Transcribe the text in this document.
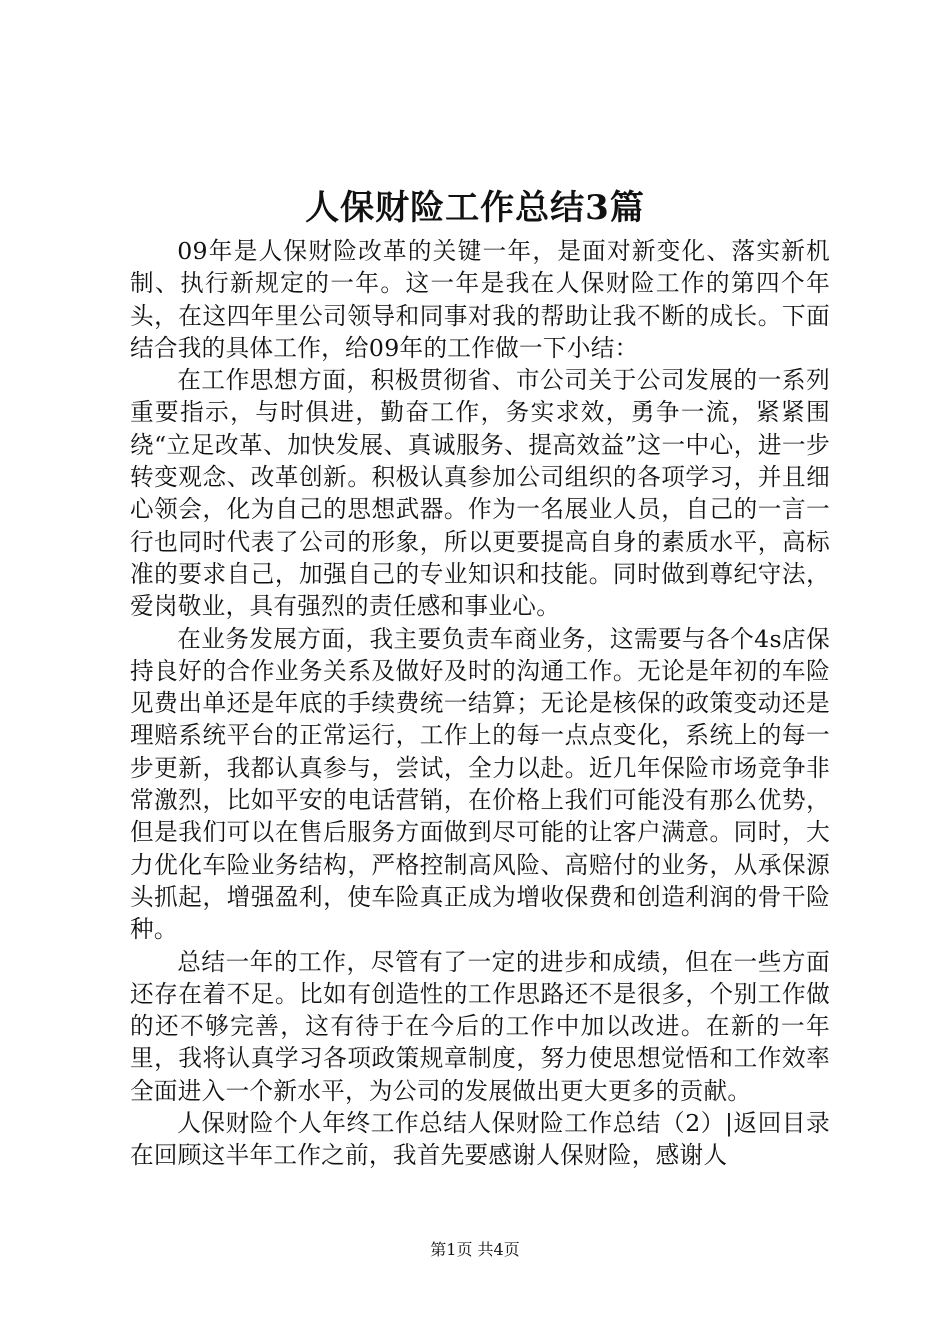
人保财险工作总结3篇

09年是人保财险改革的关键一年，是面对新变化、落实新机制、执行新规定的一年。这一年是我在人保财险工作的第四个年头，在这四年里公司领导和同事对我的帮助让我不断的成长。下面结合我的具体工作，给09年的工作做一下小结：

在工作思想方面，积极贯彻省、市公司关于公司发展的一系列重要指示，与时俱进，勤奋工作，务实求效，勇争一流，紧紧围绕“立足改革、加快发展、真诚服务、提高效益”这一中心，进一步转变观念、改革创新。积极认真参加公司组织的各项学习，并且细心领会，化为自己的思想武器。作为一名展业人员，自己的一言一行也同时代表了公司的形象，所以更要提高自身的素质水平，高标准的要求自己，加强自己的专业知识和技能。同时做到尊纪守法，爱岗敬业，具有强烈的责任感和事业心。

在业务发展方面，我主要负责车商业务，这需要与各个4s店保持良好的合作业务关系及做好及时的沟通工作。无论是年初的车险见费出单还是年底的手续费统一结算；无论是核保的政策变动还是理赔系统平台的正常运行，工作上的每一点点变化，系统上的每一步更新，我都认真参与，尝试，全力以赴。近几年保险市场竞争非常激烈，比如平安的电话营销，在价格上我们可能没有那么优势，但是我们可以在售后服务方面做到尽可能的让客户满意。同时，大力优化车险业务结构，严格控制高风险、高赔付的业务，从承保源头抓起，增强盈利，使车险真正成为增收保费和创造利润的骨干险种。

总结一年的工作，尽管有了一定的进步和成绩，但在一些方面还存在着不足。比如有创造性的工作思路还不是很多，个别工作做的还不够完善，这有待于在今后的工作中加以改进。在新的一年里，我将认真学习各项政策规章制度，努力使思想觉悟和工作效率全面进入一个新水平，为公司的发展做出更大更多的贡献。

人保财险个人年终工作总结人保财险工作总结（2）|返回目录在回顾这半年工作之前，我首先要感谢人保财险，感谢人

第1页 共4页
